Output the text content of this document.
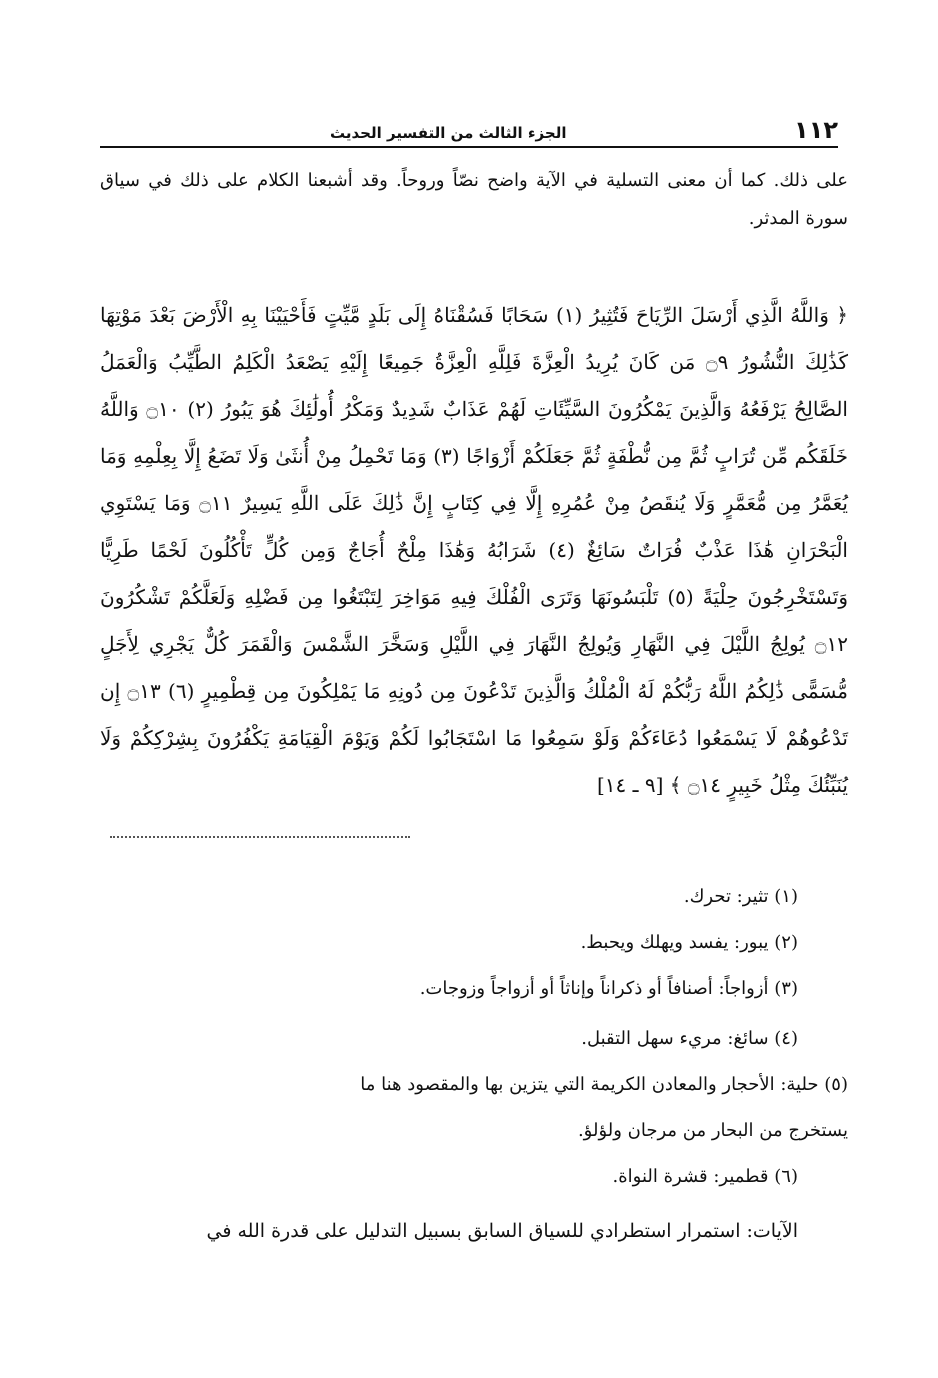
١١٢
الجزء الثالث من التفسير الحديث
على ذلك. كما أن معنى التسلية في الآية واضح نصّاً وروحاً. وقد أشبعنا الكلام على ذلك في سياق سورة المدثر.
﴿ وَاللَّهُ الَّذِي أَرْسَلَ الرِّيَاحَ فَتُثِيرُ (١) سَحَابًا فَسُقْنَاهُ إِلَى بَلَدٍ مَّيِّتٍ فَأَحْيَيْنَا بِهِ الْأَرْضَ بَعْدَ مَوْتِهَا كَذَٰلِكَ النُّشُورُ ۝٩ مَن كَانَ يُرِيدُ الْعِزَّةَ فَلِلَّهِ الْعِزَّةُ جَمِيعًا إِلَيْهِ يَصْعَدُ الْكَلِمُ الطَّيِّبُ وَالْعَمَلُ الصَّالِحُ يَرْفَعُهُ وَالَّذِينَ يَمْكُرُونَ السَّيِّئَاتِ لَهُمْ عَذَابٌ شَدِيدٌ وَمَكْرُ أُولَٰئِكَ هُوَ يَبُورُ (٢) ۝١٠ وَاللَّهُ خَلَقَكُم مِّن تُرَابٍ ثُمَّ مِن نُّطْفَةٍ ثُمَّ جَعَلَكُمْ أَزْوَاجًا (٣) وَمَا تَحْمِلُ مِنْ أُنثَىٰ وَلَا تَضَعُ إِلَّا بِعِلْمِهِ وَمَا يُعَمَّرُ مِن مُّعَمَّرٍ وَلَا يُنقَصُ مِنْ عُمُرِهِ إِلَّا فِي كِتَابٍ إِنَّ ذَٰلِكَ عَلَى اللَّهِ يَسِيرٌ ۝١١ وَمَا يَسْتَوِي الْبَحْرَانِ هَٰذَا عَذْبٌ فُرَاتٌ سَائِغٌ (٤) شَرَابُهُ وَهَٰذَا مِلْحٌ أُجَاجٌ وَمِن كُلٍّ تَأْكُلُونَ لَحْمًا طَرِيًّا وَتَسْتَخْرِجُونَ حِلْيَةً (٥) تَلْبَسُونَهَا وَتَرَى الْفُلْكَ فِيهِ مَوَاخِرَ لِتَبْتَغُوا مِن فَضْلِهِ وَلَعَلَّكُمْ تَشْكُرُونَ ۝١٢ يُولِجُ اللَّيْلَ فِي النَّهَارِ وَيُولِجُ النَّهَارَ فِي اللَّيْلِ وَسَخَّرَ الشَّمْسَ وَالْقَمَرَ كُلٌّ يَجْرِي لِأَجَلٍ مُّسَمًّى ذَٰلِكُمُ اللَّهُ رَبُّكُمْ لَهُ الْمُلْكُ وَالَّذِينَ تَدْعُونَ مِن دُونِهِ مَا يَمْلِكُونَ مِن قِطْمِيرٍ (٦) ۝١٣ إِن تَدْعُوهُمْ لَا يَسْمَعُوا دُعَاءَكُمْ وَلَوْ سَمِعُوا مَا اسْتَجَابُوا لَكُمْ وَيَوْمَ الْقِيَامَةِ يَكْفُرُونَ بِشِرْكِكُمْ وَلَا يُنَبِّئُكَ مِثْلُ خَبِيرٍ ۝١٤ ﴾ [٩ ـ ١٤]
(١) تثير: تحرك.
(٢) يبور: يفسد ويهلك ويحبط.
(٣) أزواجاً: أصنافاً أو ذكراناً وإناثاً أو أزواجاً وزوجات.
(٤) سائغ: مريء سهل التقبل.
(٥) حلية: الأحجار والمعادن الكريمة التي يتزين بها والمقصود هنا ما
يستخرج من البحار من مرجان ولؤلؤ.
(٦) قطمير: قشرة النواة.
الآيات: استمرار استطرادي للسياق السابق بسبيل التدليل على قدرة الله في
